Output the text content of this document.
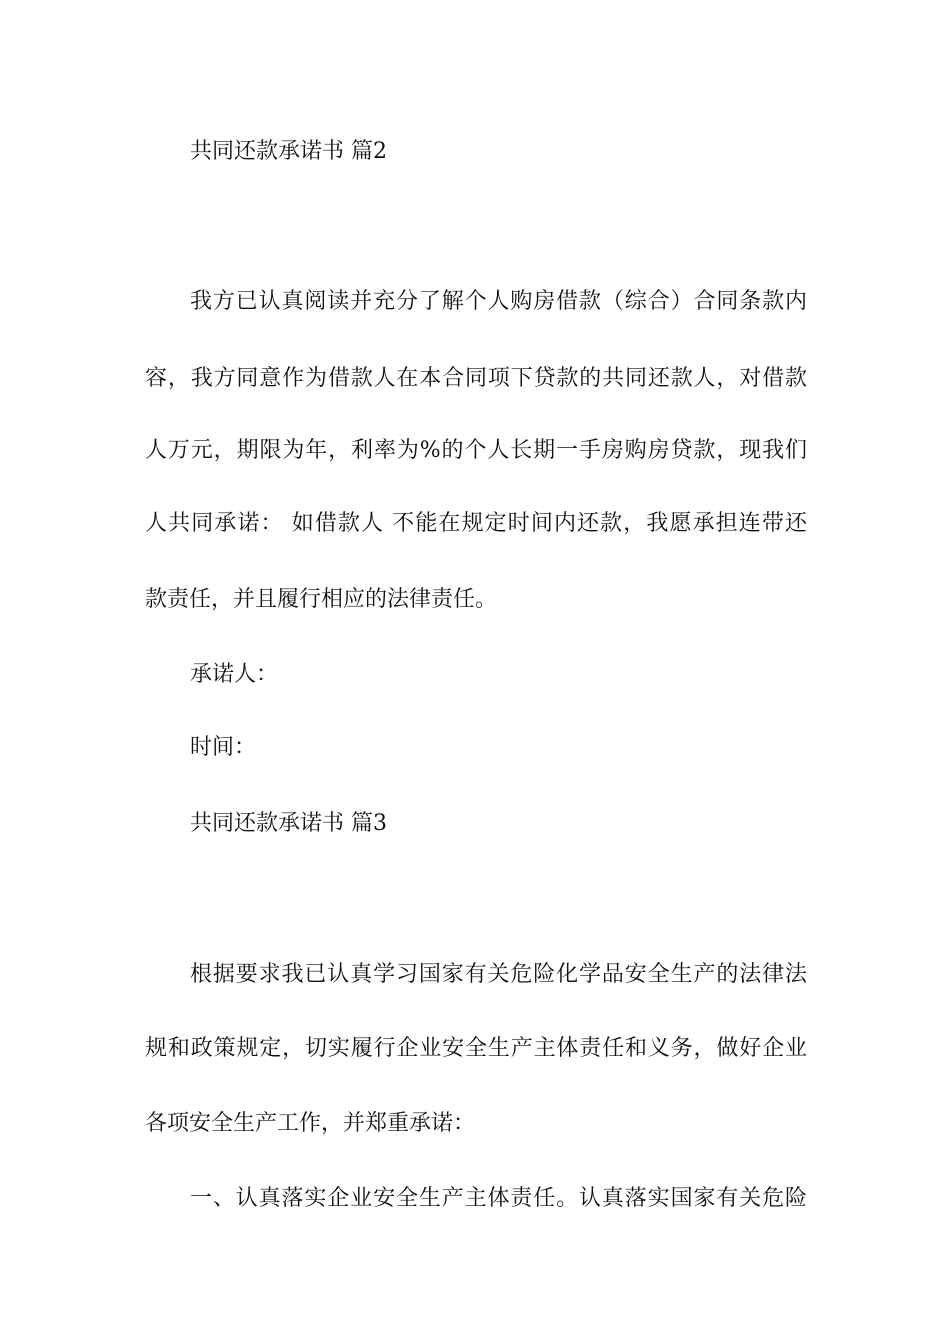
共同还款承诺书 篇2

我方已认真阅读并充分了解个人购房借款（综合）合同条款内

容，我方同意作为借款人在本合同项下贷款的共同还款人，对借款

人万元，期限为年，利率为%的个人长期一手房购房贷款，现我们

人共同承诺： 如借款人 不能在规定时间内还款，我愿承担连带还

款责任，并且履行相应的法律责任。

承诺人：

时间：

共同还款承诺书 篇3

根据要求我已认真学习国家有关危险化学品安全生产的法律法

规和政策规定，切实履行企业安全生产主体责任和义务，做好企业

各项安全生产工作，并郑重承诺：

一、认真落实企业安全生产主体责任。认真落实国家有关危险
